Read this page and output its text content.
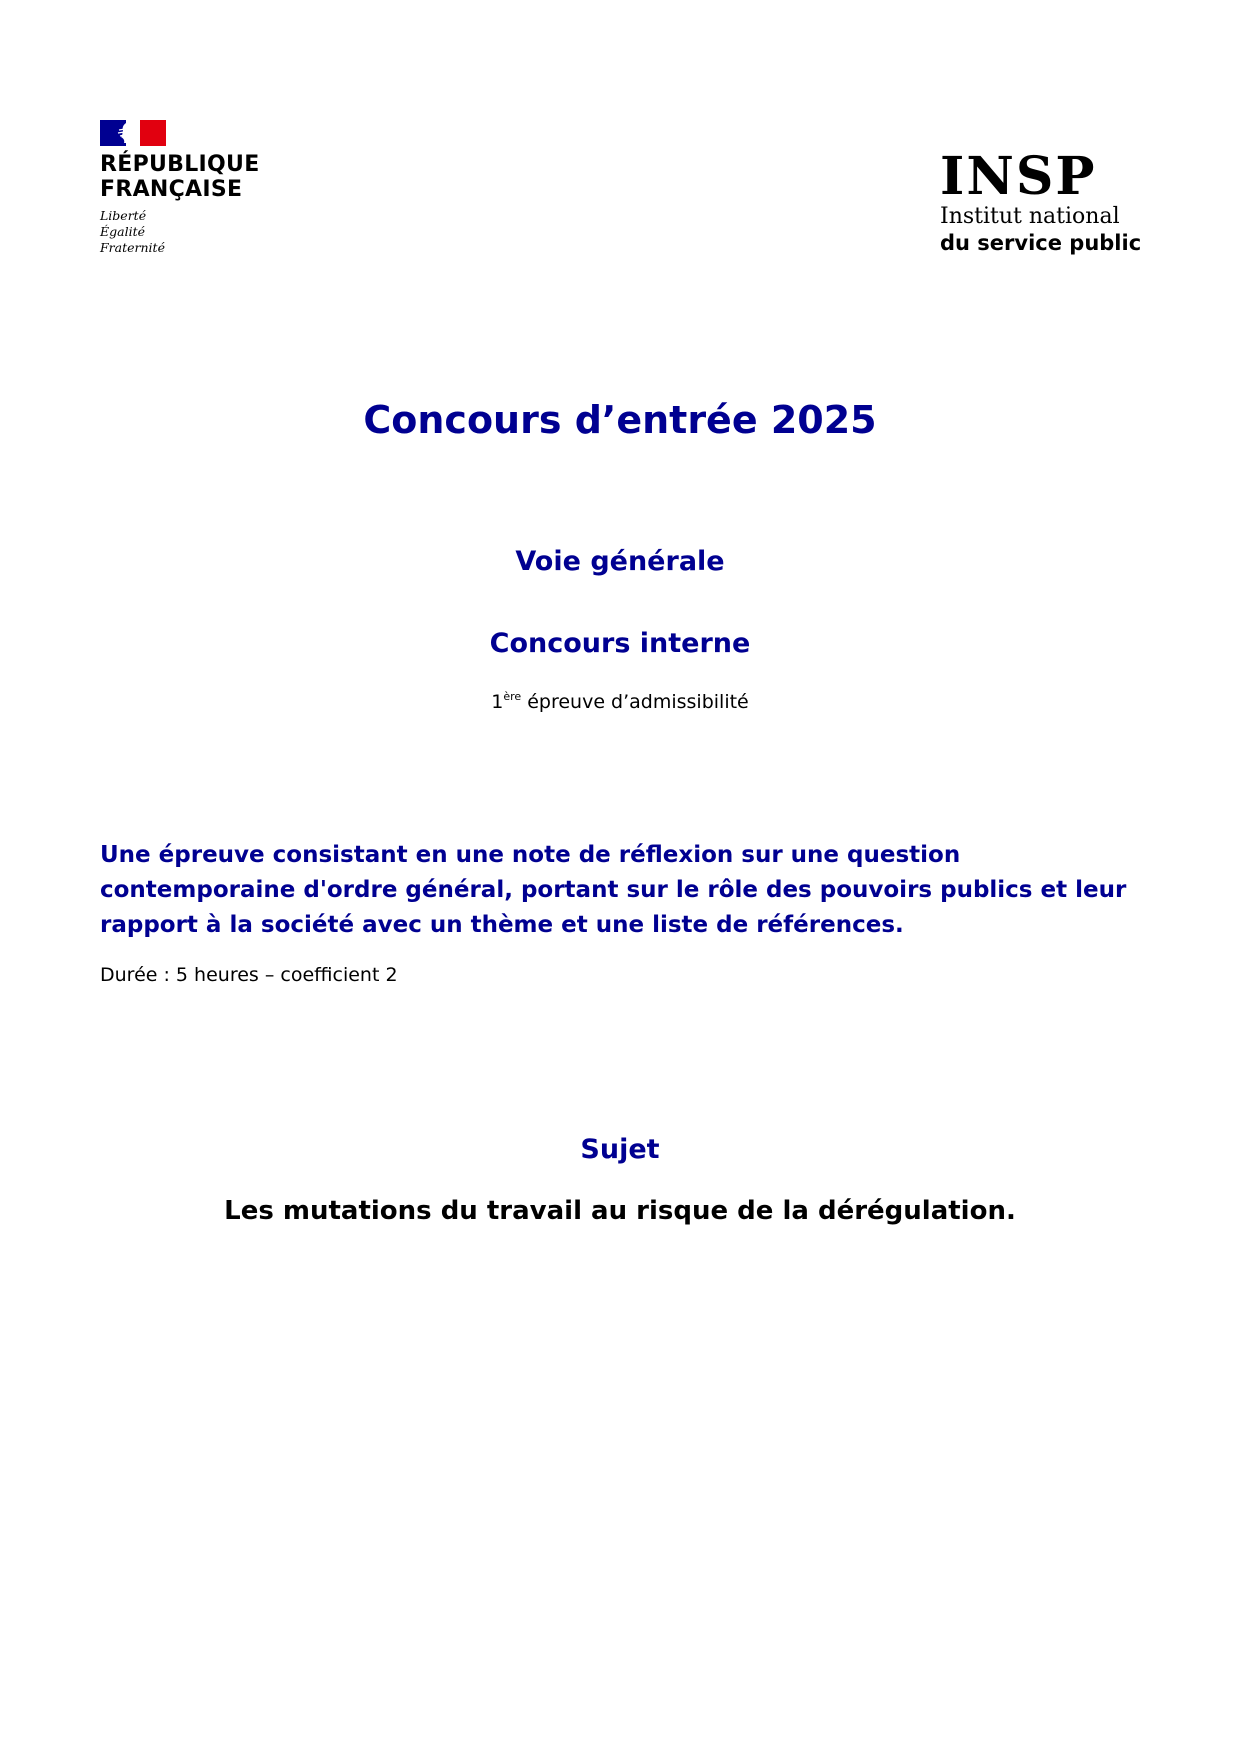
RÉPUBLIQUE
FRANÇAISE
Liberté
Égalité
Fraternité
INSP
Institut national
du service public
Concours d’entrée 2025
Voie générale
Concours interne
1ère épreuve d’admissibilité
Une épreuve consistant en une note de réflexion sur une question contemporaine d'ordre général, portant sur le rôle des pouvoirs publics et leur rapport à la société avec un thème et une liste de références.
Durée : 5 heures – coefficient 2
Sujet
Les mutations du travail au risque de la dérégulation.
